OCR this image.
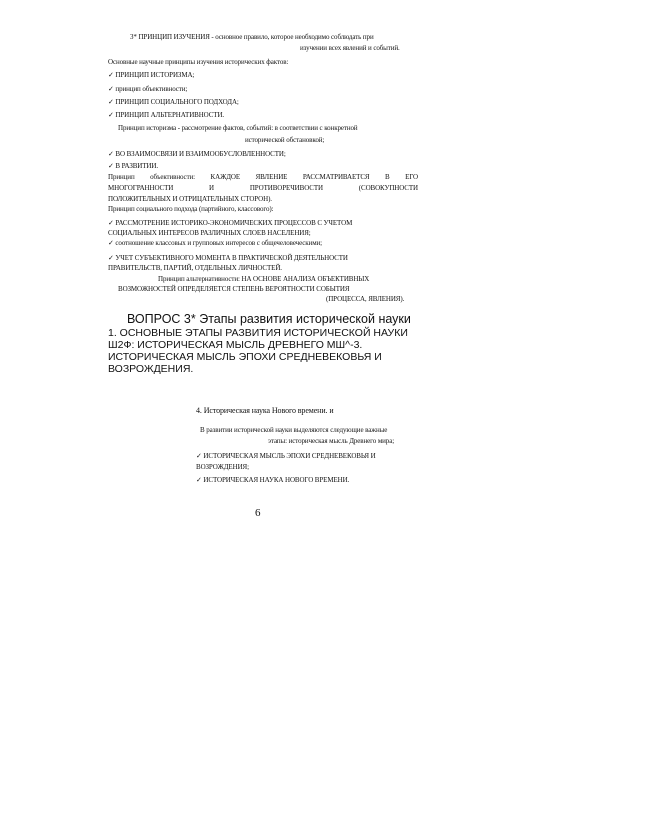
3* ПРИНЦИП ИЗУЧЕНИЯ - основное правило, которое необходимо соблюдать при
изучении всех явлений и событий.
Основные научные принципы изучения исторических фактов:
✓ ПРИНЦИП ИСТОРИЗМА;
✓ принцип объективности;
✓ ПРИНЦИП СОЦИАЛЬНОГО ПОДХОДА;
✓ ПРИНЦИП АЛЬТЕРНАТИВНОСТИ.
Принцип историзма - рассмотрение фактов, событий: в соответствии с конкретной
исторической обстановкой;
✓ ВО ВЗАИМОСВЯЗИ И ВЗАИМООБУСЛОВЛЕННОСТИ;
✓ В РАЗВИТИИ.
Принцип объективности: КАЖДОЕ ЯВЛЕНИЕ РАССМАТРИВАЕТСЯ В ЕГО
МНОГОГРАННОСТИ И ПРОТИВОРЕЧИВОСТИ (СОВОКУПНОСТИ
ПОЛОЖИТЕЛЬНЫХ И ОТРИЦАТЕЛЬНЫХ СТОРОН).
Принцип социального подхода (партийного, классового):
✓ РАССМОТРЕНИЕ ИСТОРИКО-ЭКОНОМИЧЕСКИХ ПРОЦЕССОВ С УЧЕТОМ
СОЦИАЛЬНЫХ ИНТЕРЕСОВ РАЗЛИЧНЫХ СЛОЕВ НАСЕЛЕНИЯ;
✓ соотношение классовых и групповых интересов с общечеловеческими;
✓ УЧЕТ СУБЪЕКТИВНОГО МОМЕНТА В ПРАКТИЧЕСКОЙ ДЕЯТЕЛЬНОСТИ
ПРАВИТЕЛЬСТВ, ПАРТИЙ, ОТДЕЛЬНЫХ ЛИЧНОСТЕЙ.
Принцип альтернативности: НА ОСНОВЕ АНАЛИЗА ОБЪЕКТИВНЫХ
ВОЗМОЖНОСТЕЙ ОПРЕДЕЛЯЕТСЯ СТЕПЕНЬ ВЕРОЯТНОСТИ СОБЫТИЯ
(ПРОЦЕССА, ЯВЛЕНИЯ).
ВОПРОС 3* Этапы развития исторической науки
1. ОСНОВНЫЕ ЭТАПЫ РАЗВИТИЯ ИСТОРИЧЕСКОЙ НАУКИ
Ш2Ф: ИСТОРИЧЕСКАЯ МЫСЛЬ ДРЕВНЕГО МШ^-3.
ИСТОРИЧЕСКАЯ МЫСЛЬ ЭПОХИ СРЕДНЕВЕКОВЬЯ И
ВОЗРОЖДЕНИЯ.
4. Историческая наука Нового времени. и
В развитии исторической науки выделяются следующие важные
этапы: историческая мысль Древнего мира;
✓ ИСТОРИЧЕСКАЯ МЫСЛЬ ЭПОХИ СРЕДНЕВЕКОВЬЯ И
ВОЗРОЖДЕНИЯ;
✓ ИСТОРИЧЕСКАЯ НАУКА НОВОГО ВРЕМЕНИ.
6
